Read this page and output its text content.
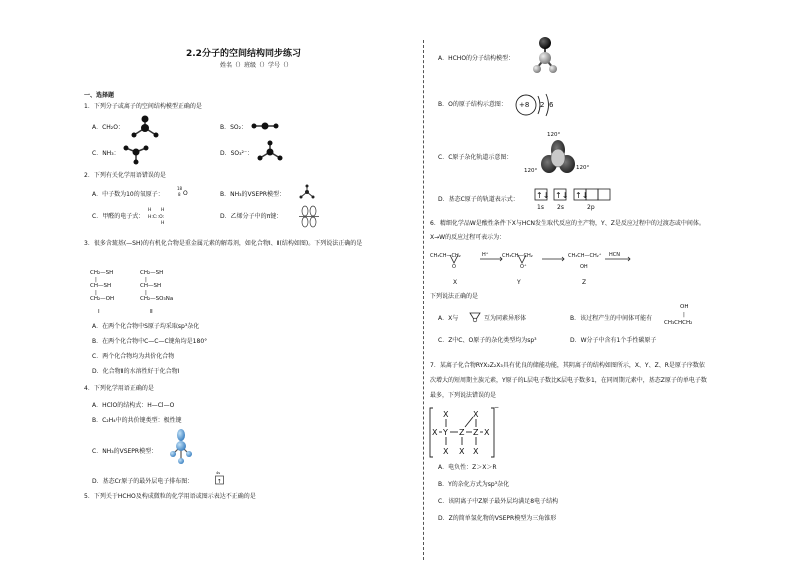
2.2分子的空间结构同步练习
姓名（）班级（）学号（）
一、选择题
1．下列分子或离子的空间结构模型正确的是
A．CH₂O：	B．SO₂：
C．NH₃：	D．SO₃²⁻：
2．下列有关化学用语错误的是
A．中子数为10的氧原子：
18
8 O	B．NH₃的VSEPR模型：
C．甲醛的电子式：
H H
H:C::O:
H
D．乙烯分子中的π键：
3．很多含巯基(—SH)的有机化合物是重金属元素的解毒剂，如化合物Ⅰ、Ⅱ(结构如图)。下列说法正确的是
CH₂—SH
|
CH—SH
|
CH₂—OH
CH₂—SH
|
CH—SH
|
CH₂—SO₃Na
Ⅰ	Ⅱ
A．在两个化合物中S原子均采取sp³杂化
B．在两个化合物中C—C—C键角均是180°
C．两个化合物均为共价化合物
D．化合物Ⅱ的水溶性好于化合物Ⅰ
4．下列化学用语正确的是
A．HClO的结构式：H—Cl—O
B．C₂H₄中的共价键类型：极性键
C．NH₃的VSEPR模型：
D．基态Cr原子的最外层电子排布图：
4s
↑
5．下列关于HCHO及构成微粒的化学用语或图示表达不正确的是
A．HCHO的分子结构模型：
B．O的原子结构示意图： +8 2 6
C．C原子杂化轨道示意图：
120°
120°	120°
D．基态C原子的轨道表示式： ↑↓ ↑↓ ↑↓
1s 2s	2p
6．精细化学品W是酸性条件下X与HCN发生取代反应的主产物，Y、Z是反应过程中的过渡态或中间体。
X→W的反应过程可表示为：
CH₃CH—CH₂
O
CH₃CH—CH₂
O⁺
CH₃CH—CH₂⁺
OH
H⁺	HCN
X	Y	Z
下列说法正确的是
A．X与	互为同素异形体	B．该过程产生的中间体可能有
OH
|
CH₃CHCH₂
C．Z中C、O原子的杂化类型均为sp³	D．W分子中含有1个手性碳原子
7．某离子化合物RYX₂Z₂X₃具有优良的储能功能，其阴离子的结构如图所示，X、Y、Z、R是原子序数依
次增大的短周期主族元素，Y原子的L层电子数比K层电子数多1，在同周期元素中，基态Z原子的单电子数
最多，下列说法错误的是
X	X
X Y Z Z X
X X X
−
A．电负性：Z＞X＞R
B．Y的杂化方式为sp³杂化
C．该阴离子中Z原子最外层均满足8电子结构
D．Z的简单氢化物的VSEPR模型为三角锥形
